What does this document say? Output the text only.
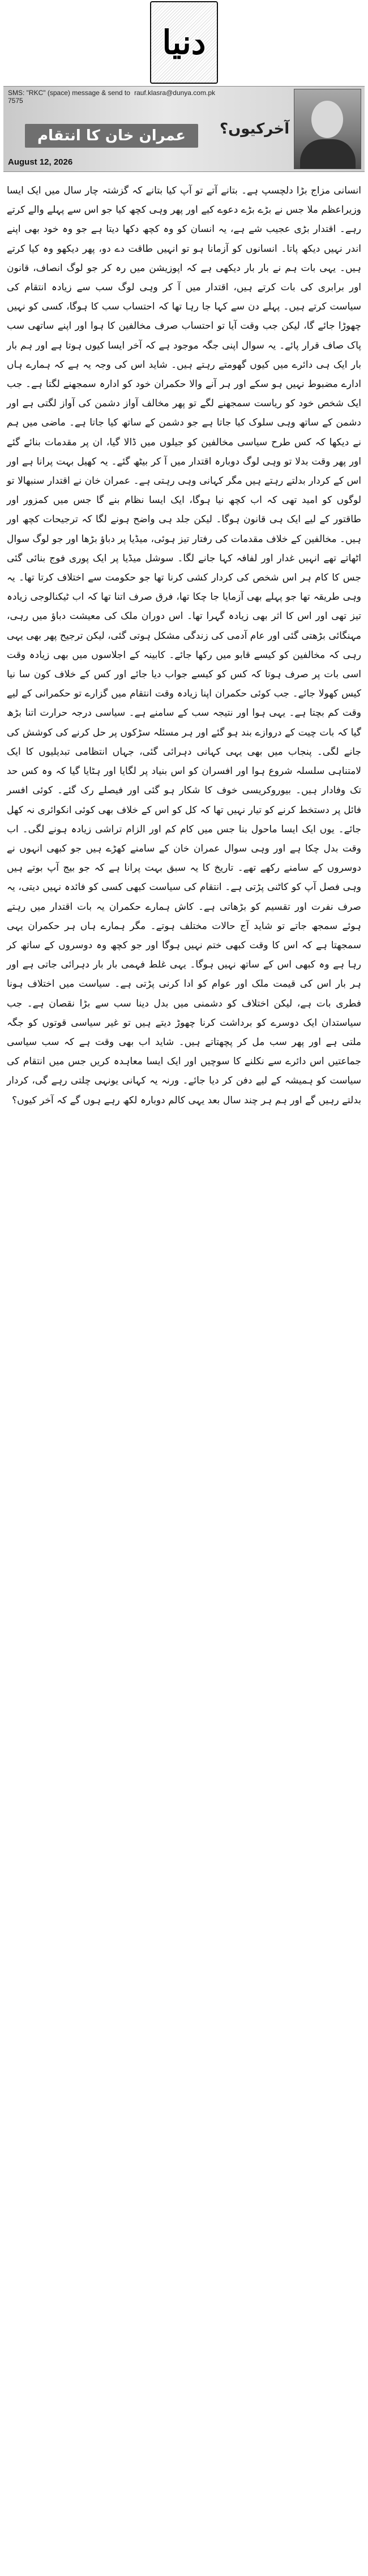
دنیا
SMS: "RKC" (space) message & send to 7575
rauf.klasra@dunya.com.pk
عمران خان کا انتقام
August 12, 2026
آخرکیوں؟

انسانی مزاج بڑا دلچسپ ہے۔ بتانے آتے تو آپ کیا بتانے کہ گزشتہ چار سال میں ایک ایسا وزیراعظم ملا جس نے بڑے بڑے دعوے کیے اور پھر وہی کچھ کیا جو اس سے پہلے والے کرتے رہے۔ اقتدار بڑی عجیب شے ہے، یہ انسان کو وہ کچھ دکھا دیتا ہے جو وہ خود بھی اپنے اندر نہیں دیکھ پاتا۔ انسانوں کو آزمانا ہو تو انہیں طاقت دے دو، پھر دیکھو وہ کیا کرتے ہیں۔ یہی بات ہم نے بار بار دیکھی ہے کہ اپوزیشن میں رہ کر جو لوگ انصاف، قانون اور برابری کی بات کرتے ہیں، اقتدار میں آ کر وہی لوگ سب سے زیادہ انتقام کی سیاست کرتے ہیں۔ پہلے دن سے کہا جا رہا تھا کہ احتساب سب کا ہوگا، کسی کو نہیں چھوڑا جائے گا، لیکن جب وقت آیا تو احتساب صرف مخالفین کا ہوا اور اپنے ساتھی سب پاک صاف قرار پائے۔ یہ سوال اپنی جگہ موجود ہے کہ آخر ایسا کیوں ہوتا ہے اور ہم بار بار ایک ہی دائرے میں کیوں گھومتے رہتے ہیں۔ شاید اس کی وجہ یہ ہے کہ ہمارے ہاں ادارے مضبوط نہیں ہو سکے اور ہر آنے والا حکمران خود کو ادارہ سمجھنے لگتا ہے۔ جب ایک شخص خود کو ریاست سمجھنے لگے تو پھر مخالف آواز دشمن کی آواز لگتی ہے اور دشمن کے ساتھ وہی سلوک کیا جاتا ہے جو دشمن کے ساتھ کیا جاتا ہے۔ ماضی میں ہم نے دیکھا کہ کس طرح سیاسی مخالفین کو جیلوں میں ڈالا گیا، ان پر مقدمات بنائے گئے اور پھر وقت بدلا تو وہی لوگ دوبارہ اقتدار میں آ کر بیٹھ گئے۔ یہ کھیل بہت پرانا ہے اور اس کے کردار بدلتے رہتے ہیں مگر کہانی وہی رہتی ہے۔ عمران خان نے اقتدار سنبھالا تو لوگوں کو امید تھی کہ اب کچھ نیا ہوگا، ایک ایسا نظام بنے گا جس میں کمزور اور طاقتور کے لیے ایک ہی قانون ہوگا۔ لیکن جلد ہی واضح ہونے لگا کہ ترجیحات کچھ اور ہیں۔ مخالفین کے خلاف مقدمات کی رفتار تیز ہوئی، میڈیا پر دباؤ بڑھا اور جو لوگ سوال اٹھاتے تھے انہیں غدار اور لفافہ کہا جانے لگا۔ سوشل میڈیا پر ایک پوری فوج بنائی گئی جس کا کام ہر اس شخص کی کردار کشی کرنا تھا جو حکومت سے اختلاف کرتا تھا۔ یہ وہی طریقہ تھا جو پہلے بھی آزمایا جا چکا تھا، فرق صرف اتنا تھا کہ اب ٹیکنالوجی زیادہ تیز تھی اور اس کا اثر بھی زیادہ گہرا تھا۔ اس دوران ملک کی معیشت دباؤ میں رہی، مہنگائی بڑھتی گئی اور عام آدمی کی زندگی مشکل ہوتی گئی، لیکن ترجیح پھر بھی یہی رہی کہ مخالفین کو کیسے قابو میں رکھا جائے۔ کابینہ کے اجلاسوں میں بھی زیادہ وقت اسی بات پر صرف ہوتا کہ کس کو کیسے جواب دیا جائے اور کس کے خلاف کون سا نیا کیس کھولا جائے۔ جب کوئی حکمران اپنا زیادہ وقت انتقام میں گزارے تو حکمرانی کے لیے وقت کم بچتا ہے۔ یہی ہوا اور نتیجہ سب کے سامنے ہے۔ سیاسی درجہ حرارت اتنا بڑھ گیا کہ بات چیت کے دروازے بند ہو گئے اور ہر مسئلہ سڑکوں پر حل کرنے کی کوشش کی جانے لگی۔ پنجاب میں بھی یہی کہانی دہرائی گئی، جہاں انتظامی تبدیلیوں کا ایک لامتناہی سلسلہ شروع ہوا اور افسران کو اس بنیاد پر لگایا اور ہٹایا گیا کہ وہ کس حد تک وفادار ہیں۔ بیوروکریسی خوف کا شکار ہو گئی اور فیصلے رک گئے۔ کوئی افسر فائل پر دستخط کرنے کو تیار نہیں تھا کہ کل کو اس کے خلاف بھی کوئی انکوائری نہ کھل جائے۔ یوں ایک ایسا ماحول بنا جس میں کام کم اور الزام تراشی زیادہ ہونے لگی۔ اب وقت بدل چکا ہے اور وہی سوال عمران خان کے سامنے کھڑے ہیں جو کبھی انہوں نے دوسروں کے سامنے رکھے تھے۔ تاریخ کا یہ سبق بہت پرانا ہے کہ جو بیج آپ بوتے ہیں وہی فصل آپ کو کاٹنی پڑتی ہے۔ انتقام کی سیاست کبھی کسی کو فائدہ نہیں دیتی، یہ صرف نفرت اور تقسیم کو بڑھاتی ہے۔ کاش ہمارے حکمران یہ بات اقتدار میں رہتے ہوئے سمجھ جاتے تو شاید آج حالات مختلف ہوتے۔ مگر ہمارے ہاں ہر حکمران یہی سمجھتا ہے کہ اس کا وقت کبھی ختم نہیں ہوگا اور جو کچھ وہ دوسروں کے ساتھ کر رہا ہے وہ کبھی اس کے ساتھ نہیں ہوگا۔ یہی غلط فہمی بار بار دہرائی جاتی ہے اور ہر بار اس کی قیمت ملک اور عوام کو ادا کرنی پڑتی ہے۔ سیاست میں اختلاف ہونا فطری بات ہے، لیکن اختلاف کو دشمنی میں بدل دینا سب سے بڑا نقصان ہے۔ جب سیاستدان ایک دوسرے کو برداشت کرنا چھوڑ دیتے ہیں تو غیر سیاسی قوتوں کو جگہ ملتی ہے اور پھر سب مل کر پچھتاتے ہیں۔ شاید اب بھی وقت ہے کہ سب سیاسی جماعتیں اس دائرے سے نکلنے کا سوچیں اور ایک ایسا معاہدہ کریں جس میں انتقام کی سیاست کو ہمیشہ کے لیے دفن کر دیا جائے۔ ورنہ یہ کہانی یونہی چلتی رہے گی، کردار بدلتے رہیں گے اور ہم ہر چند سال بعد یہی کالم دوبارہ لکھ رہے ہوں گے کہ آخر کیوں؟
